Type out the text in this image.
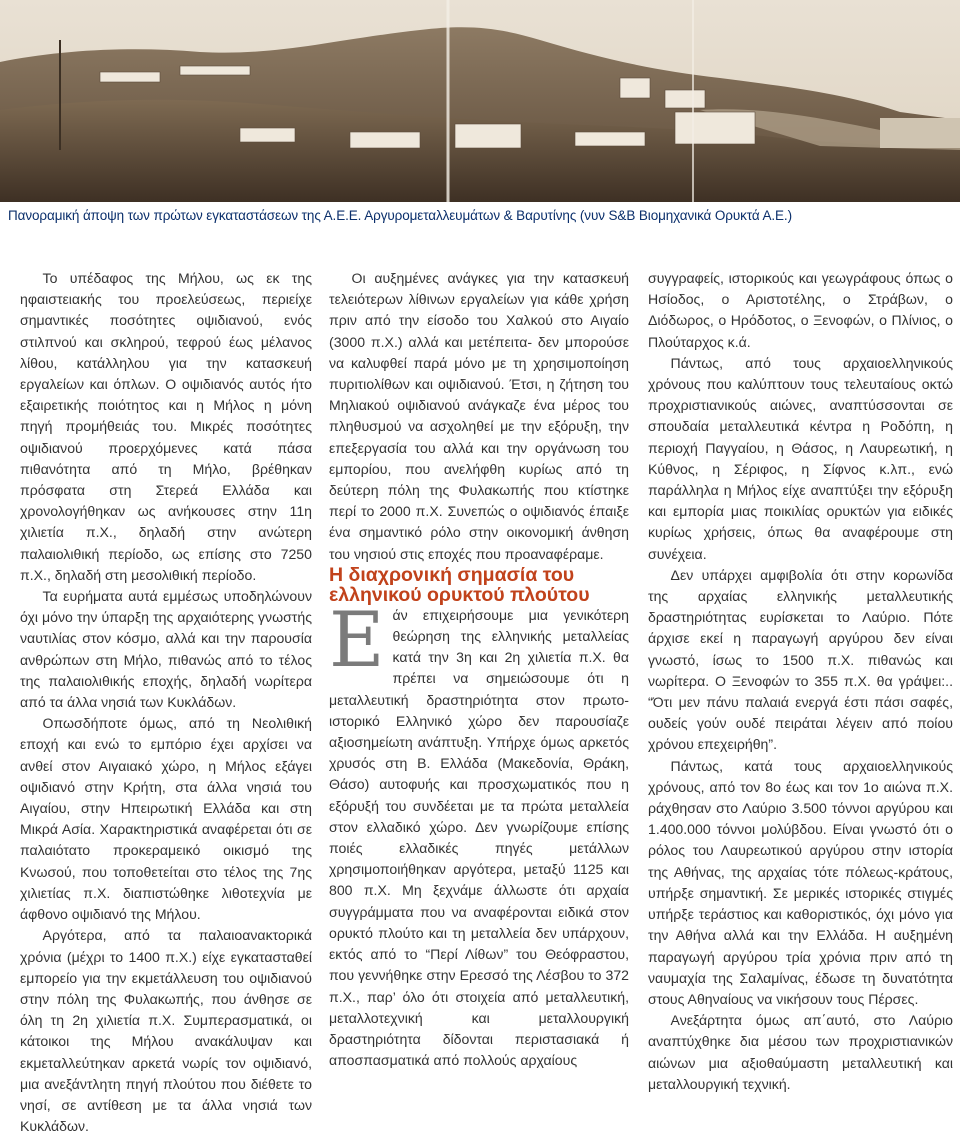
Πανοραμική άποψη των πρώτων εγκαταστάσεων της Α.Ε.Ε. Αργυρομεταλλευμάτων & Βαρυτίνης (νυν S&B Βιομηχανικά Ορυκτά Α.Ε.)

Το υπέδαφος της Μήλου, ως εκ της ηφαιστειακής του προελεύσεως, περιείχε σημαντικές ποσότητες οψιδιανού, ενός στιλπνού και σκληρού, τεφρού έως μέλανος λίθου, κατάλληλου για την κατασκευή εργαλείων και όπλων. Ο οψιδιανός αυτός ήτο εξαιρετικής ποιότητος και η Μήλος η μόνη πηγή προμήθειάς του. Μικρές ποσότητες οψιδιανού προερχόμενες κατά πάσα πιθανότητα από τη Μήλο, βρέθηκαν πρόσφατα στη Στερεά Ελλάδα και χρονολογήθηκαν ως ανήκουσες στην 11η χιλιετία π.Χ., δηλαδή στην ανώτερη παλαιολιθική περίοδο, ως επίσης στο 7250 π.Χ., δηλαδή στη μεσολιθική περίοδο.

Τα ευρήματα αυτά εμμέσως υποδηλώνουν όχι μόνο την ύπαρξη της αρχαιότερης γνωστής ναυτιλίας στον κόσμο, αλλά και την παρουσία ανθρώπων στη Μήλο, πιθανώς από το τέλος της παλαιολιθικής εποχής, δηλαδή νωρίτερα από τα άλλα νησιά των Κυκλάδων.

Οπωσδήποτε όμως, από τη Νεολιθική εποχή και ενώ το εμπόριο έχει αρχίσει να ανθεί στον Αιγαιακό χώρο, η Μήλος εξάγει οψιδιανό στην Κρήτη, στα άλλα νησιά του Αιγαίου, στην Ηπειρωτική Ελλάδα και στη Μικρά Ασία. Χαρακτηριστικά αναφέρεται ότι σε παλαιότατο προκεραμεικό οικισμό της Κνωσού, που τοποθετείται στο τέλος της 7ης χιλιετίας π.Χ. διαπιστώθηκε λιθοτεχνία με άφθονο οψιδιανό της Μήλου.

Αργότερα, από τα παλαιοανακτορικά χρόνια (μέχρι το 1400 π.Χ.) είχε εγκατασταθεί εμπορείο για την εκμετάλλευση του οψιδιανού στην πόλη της Φυλακωπής, που άνθησε σε όλη τη 2η χιλιετία π.Χ. Συμπερασματικά, οι κάτοικοι της Μήλου ανακάλυψαν και εκμεταλλεύτηκαν αρκετά νωρίς τον οψιδιανό, μια ανεξάντλητη πηγή πλούτου που διέθετε το νησί, σε αντίθεση με τα άλλα νησιά των Κυκλάδων.

Οι αυξημένες ανάγκες για την κατασκευή τελειότερων λίθινων εργαλείων για κάθε χρήση πριν από την είσοδο του Χαλκού στο Αιγαίο (3000 π.Χ.) αλλά και μετέπειτα- δεν μπορούσε να καλυφθεί παρά μόνο με τη χρησιμοποίηση πυριτιολίθων και οψιδιανού. Έτσι, η ζήτηση του Μηλιακού οψιδιανού ανάγκαζε ένα μέρος του πληθυσμού να ασχοληθεί με την εξόρυξη, την επεξεργασία του αλλά και την οργάνωση του εμπορίου, που ανελήφθη κυρίως από τη δεύτερη πόλη της Φυλακωπής που κτίστηκε περί το 2000 π.Χ. Συνεπώς ο οψιδιανός έπαιξε ένα σημαντικό ρόλο στην οικονομική άνθηση του νησιού στις εποχές που προαναφέραμε.

Η διαχρονική σημασία του ελληνικού ορυκτού πλούτου

Εάν επιχειρήσουμε μια γενικότερη θεώρηση της ελληνικής μεταλλείας κατά την 3η και 2η χιλιετία π.Χ. θα πρέπει να σημειώσουμε ότι η μεταλλευτική δραστηριότητα στον πρωτο-ιστορικό Ελληνικό χώρο δεν παρουσίαζε αξιοσημείωτη ανάπτυξη. Υπήρχε όμως αρκετός χρυσός στη Β. Ελλάδα (Μακεδονία, Θράκη, Θάσο) αυτοφυής και προσχωματικός που η εξόρυξή του συνδέεται με τα πρώτα μεταλλεία στον ελλαδικό χώρο. Δεν γνωρίζουμε επίσης ποιές ελλαδικές πηγές μετάλλων χρησιμοποιήθηκαν αργότερα, μεταξύ 1125 και 800 π.Χ. Μη ξεχνάμε άλλωστε ότι αρχαία συγγράμματα που να αναφέρονται ειδικά στον ορυκτό πλούτο και τη μεταλλεία δεν υπάρχουν, εκτός από το “Περί Λίθων” του Θεόφραστου, που γεννήθηκε στην Ερεσσό της Λέσβου το 372 π.Χ., παρ’ όλο ότι στοιχεία από μεταλλευτική, μεταλλοτεχνική και μεταλλουργική δραστηριότητα δίδονται περιστασιακά ή αποσπασματικά από πολλούς αρχαίους

συγγραφείς, ιστορικούς και γεωγράφους όπως ο Ησίοδος, ο Αριστοτέλης, ο Στράβων, ο Διόδωρος, ο Ηρόδοτος, ο Ξενοφών, ο Πλίνιος, ο Πλούταρχος κ.ά.

Πάντως, από τους αρχαιοελληνικούς χρόνους που καλύπτουν τους τελευταίους οκτώ προχριστιανικούς αιώνες, αναπτύσσονται σε σπουδαία μεταλλευτικά κέντρα η Ροδόπη, η περιοχή Παγγαίου, η Θάσος, η Λαυρεωτική, η Κύθνος, η Σέριφος, η Σίφνος κ.λπ., ενώ παράλληλα η Μήλος είχε αναπτύξει την εξόρυξη και εμπορία μιας ποικιλίας ορυκτών για ειδικές κυρίως χρήσεις, όπως θα αναφέρουμε στη συνέχεια.

Δεν υπάρχει αμφιβολία ότι στην κορωνίδα της αρχαίας ελληνικής μεταλλευτικής δραστηριότητας ευρίσκεται το Λαύριο. Πότε άρχισε εκεί η παραγωγή αργύρου δεν είναι γνωστό, ίσως το 1500 π.Χ. πιθανώς και νωρίτερα. Ο Ξενοφών το 355 π.Χ. θα γράψει:.. “Ότι μεν πάνυ παλαιά ενεργά έστι πάσι σαφές, ουδείς γούν ουδέ πειράται λέγειν από ποίου χρόνου επεχειρήθη”.

Πάντως, κατά τους αρχαιοελληνικούς χρόνους, από τον 8ο έως και τον 1ο αιώνα π.Χ. ράχθησαν στο Λαύριο 3.500 τόννοι αργύρου και 1.400.000 τόννοι μολύβδου. Είναι γνωστό ότι ο ρόλος του Λαυρεωτικού αργύρου στην ιστορία της Αθήνας, της αρχαίας τότε πόλεως-κράτους, υπήρξε σημαντική. Σε μερικές ιστορικές στιγμές υπήρξε τεράστιος και καθοριστικός, όχι μόνο για την Αθήνα αλλά και την Ελλάδα. Η αυξημένη παραγωγή αργύρου τρία χρόνια πριν από τη ναυμαχία της Σαλαμίνας, έδωσε τη δυνατότητα στους Αθηναίους να νικήσουν τους Πέρσες.

Ανεξάρτητα όμως απ΄αυτό, στο Λαύριο αναπτύχθηκε δια μέσου των προχριστιανικών αιώνων μια αξιοθαύμαστη μεταλλευτική και μεταλλουργική τεχνική.
